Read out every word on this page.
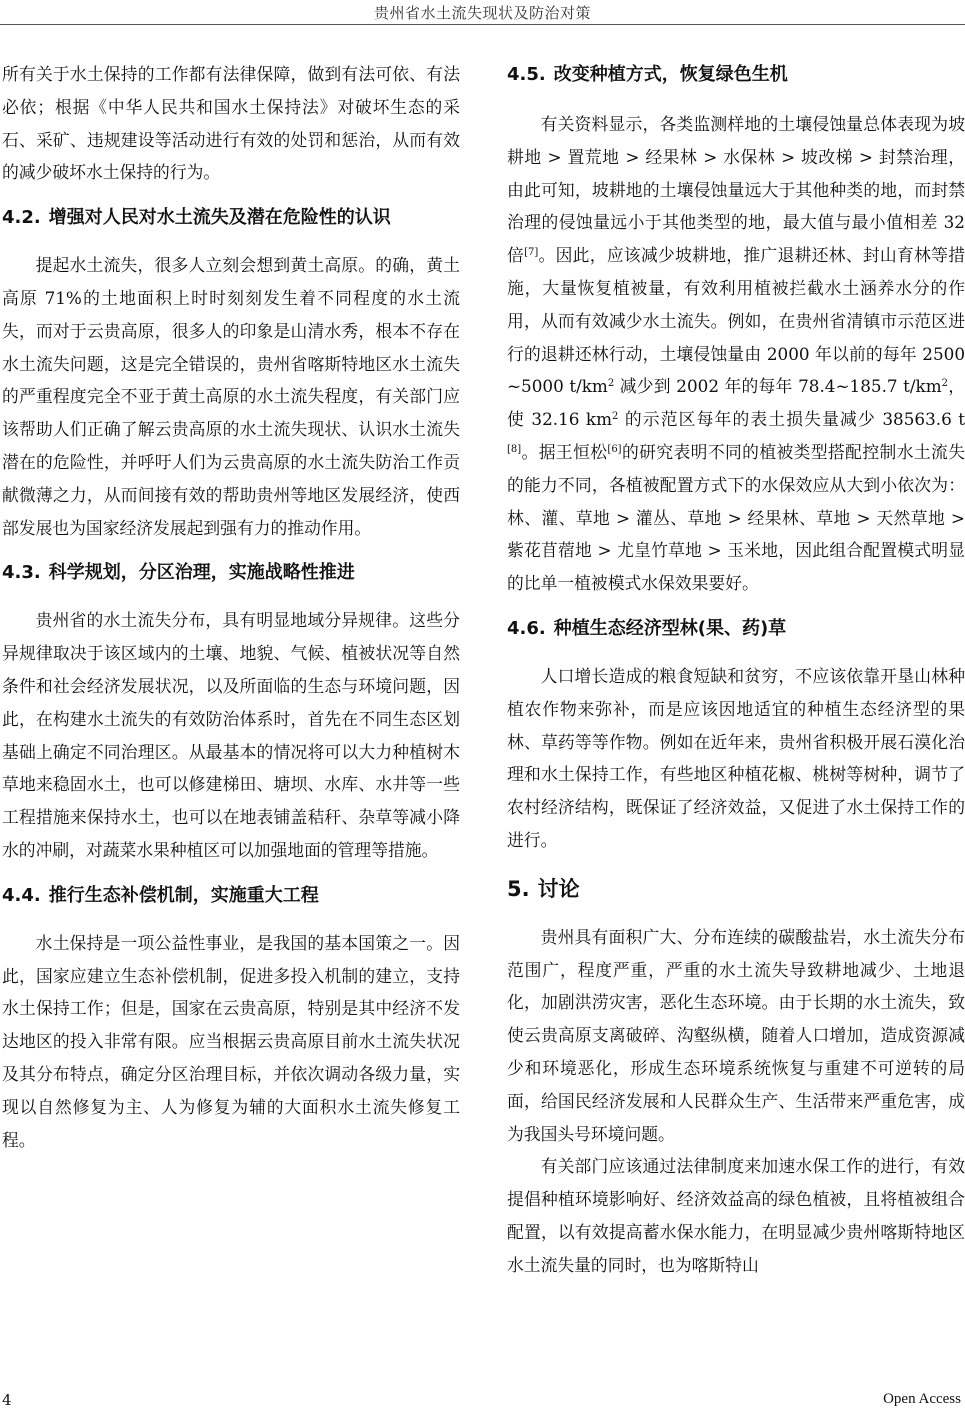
贵州省水土流失现状及防治对策

所有关于水土保持的工作都有法律保障，做到有法可依、有法必依；根据《中华人民共和国水土保持法》对破坏生态的采石、采矿、违规建设等活动进行有效的处罚和惩治，从而有效的减少破坏水土保持的行为。

4.2. 增强对人民对水土流失及潜在危险性的认识

提起水土流失，很多人立刻会想到黄土高原。的确，黄土高原 71%的土地面积上时时刻刻发生着不同程度的水土流失，而对于云贵高原，很多人的印象是山清水秀，根本不存在水土流失问题，这是完全错误的，贵州省喀斯特地区水土流失的严重程度完全不亚于黄土高原的水土流失程度，有关部门应该帮助人们正确了解云贵高原的水土流失现状、认识水土流失潜在的危险性，并呼吁人们为云贵高原的水土流失防治工作贡献微薄之力，从而间接有效的帮助贵州等地区发展经济，使西部发展也为国家经济发展起到强有力的推动作用。

4.3. 科学规划，分区治理，实施战略性推进

贵州省的水土流失分布，具有明显地域分异规律。这些分异规律取决于该区域内的土壤、地貌、气候、植被状况等自然条件和社会经济发展状况，以及所面临的生态与环境问题，因此，在构建水土流失的有效防治体系时，首先在不同生态区划基础上确定不同治理区。从最基本的情况将可以大力种植树木草地来稳固水土，也可以修建梯田、塘坝、水库、水井等一些工程措施来保持水土，也可以在地表铺盖秸秆、杂草等减小降水的冲刷，对蔬菜水果种植区可以加强地面的管理等措施。

4.4. 推行生态补偿机制，实施重大工程

水土保持是一项公益性事业，是我国的基本国策之一。因此，国家应建立生态补偿机制，促进多投入机制的建立，支持水土保持工作；但是，国家在云贵高原，特别是其中经济不发达地区的投入非常有限。应当根据云贵高原目前水土流失状况及其分布特点，确定分区治理目标，并依次调动各级力量，实现以自然修复为主、人为修复为辅的大面积水土流失修复工程。

4.5. 改变种植方式，恢复绿色生机

有关资料显示，各类监测样地的土壤侵蚀量总体表现为坡耕地 > 置荒地 > 经果林 > 水保林 > 坡改梯 > 封禁治理，由此可知，坡耕地的土壤侵蚀量远大于其他种类的地，而封禁治理的侵蚀量远小于其他类型的地，最大值与最小值相差 32 倍[7]。因此，应该减少坡耕地，推广退耕还林、封山育林等措施，大量恢复植被量，有效利用植被拦截水土涵养水分的作用，从而有效减少水土流失。例如，在贵州省清镇市示范区进行的退耕还林行动，土壤侵蚀量由 2000 年以前的每年 2500~5000 $t/km^2$ 减少到 2002 年的每年 78.4~185.7 $t/km^2$，使 32.16 $km^2$ 的示范区每年的表土损失量减少 38563.6 t[8]。据王恒松[6]的研究表明不同的植被类型搭配控制水土流失的能力不同，各植被配置方式下的水保效应从大到小依次为：林、灌、草地 > 灌丛、草地 > 经果林、草地 > 天然草地 > 紫花苜蓿地 > 尤皇竹草地 > 玉米地，因此组合配置模式明显的比单一植被模式水保效果要好。

4.6. 种植生态经济型林(果、药)草

人口增长造成的粮食短缺和贫穷，不应该依靠开垦山林种植农作物来弥补，而是应该因地适宜的种植生态经济型的果林、草药等等作物。例如在近年来，贵州省积极开展石漠化治理和水土保持工作，有些地区种植花椒、桃树等树种，调节了农村经济结构，既保证了经济效益，又促进了水土保持工作的进行。

5. 讨论

贵州具有面积广大、分布连续的碳酸盐岩，水土流失分布范围广，程度严重，严重的水土流失导致耕地减少、土地退化，加剧洪涝灾害，恶化生态环境。由于长期的水土流失，致使云贵高原支离破碎、沟壑纵横，随着人口增加，造成资源减少和环境恶化，形成生态环境系统恢复与重建不可逆转的局面，给国民经济发展和人民群众生产、生活带来严重危害，成为我国头号环境问题。

有关部门应该通过法律制度来加速水保工作的进行，有效提倡种植环境影响好、经济效益高的绿色植被，且将植被组合配置，以有效提高蓄水保水能力，在明显减少贵州喀斯特地区水土流失量的同时，也为喀斯特山

4	Open Access
